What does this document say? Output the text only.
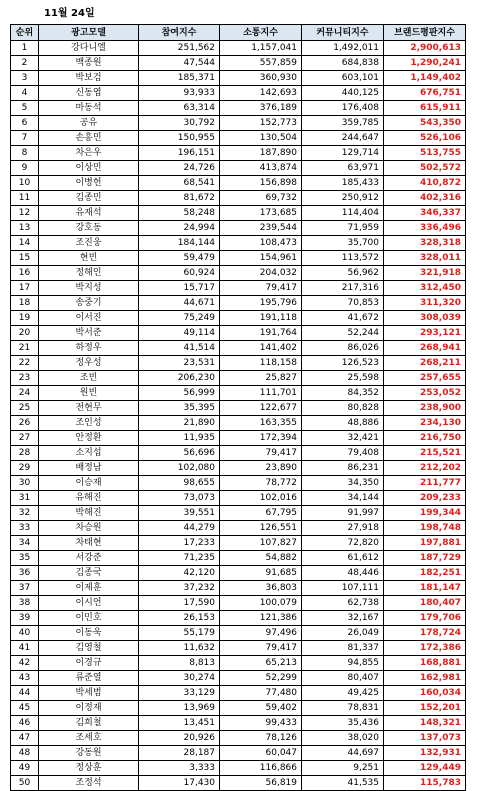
11월 24일
순위	광고모델	참여지수	소통지수	커뮤니티지수	브랜드평판지수
1	강다니엘	251,562	1,157,041	1,492,011	2,900,613
2	백종원	47,544	557,859	684,838	1,290,241
3	박보검	185,371	360,930	603,101	1,149,402
4	신동엽	93,933	142,693	440,125	676,751
5	마동석	63,314	376,189	176,408	615,911
6	공유	30,792	152,773	359,785	543,350
7	손흥민	150,955	130,504	244,647	526,106
8	차은우	196,151	187,890	129,714	513,755
9	이상민	24,726	413,874	63,971	502,572
10	이병헌	68,541	156,898	185,433	410,872
11	김종민	81,672	69,732	250,912	402,316
12	유재석	58,248	173,685	114,404	346,337
13	강호동	24,994	239,544	71,959	336,496
14	조진웅	184,144	108,473	35,700	328,318
15	현빈	59,479	154,961	113,572	328,011
16	정해인	60,924	204,032	56,962	321,918
17	박지성	15,717	79,417	217,316	312,450
18	송중기	44,671	195,796	70,853	311,320
19	이서진	75,249	191,118	41,672	308,039
20	박서준	49,114	191,764	52,244	293,121
21	하정우	41,514	141,402	86,026	268,941
22	정우성	23,531	118,158	126,523	268,211
23	조빈	206,230	25,827	25,598	257,655
24	원빈	56,999	111,701	84,352	253,052
25	전현무	35,395	122,677	80,828	238,900
26	조인성	21,890	163,355	48,886	234,130
27	안정환	11,935	172,394	32,421	216,750
28	소지섭	56,696	79,417	79,408	215,521
29	배정남	102,080	23,890	86,231	212,202
30	이승재	98,655	78,772	34,350	211,777
31	유해진	73,073	102,016	34,144	209,233
32	박해진	39,551	67,795	91,997	199,344
33	차승원	44,279	126,551	27,918	198,748
34	차태현	17,233	107,827	72,820	197,881
35	서강준	71,235	54,882	61,612	187,729
36	김종국	42,120	91,685	48,446	182,251
37	이제훈	37,232	36,803	107,111	181,147
38	이시언	17,590	100,079	62,738	180,407
39	이민호	26,153	121,386	32,167	179,706
40	이동욱	55,179	97,496	26,049	178,724
41	김영철	11,632	79,417	81,337	172,386
42	이경규	8,813	65,213	94,855	168,881
43	류준열	30,274	52,299	80,407	162,981
44	박세범	33,129	77,480	49,425	160,034
45	이정재	13,969	59,402	78,831	152,201
46	김희철	13,451	99,433	35,436	148,321
47	조세호	20,926	78,126	38,020	137,073
48	강동원	28,187	60,047	44,697	132,931
49	정상훈	3,333	116,866	9,251	129,449
50	조정석	17,430	56,819	41,535	115,783
